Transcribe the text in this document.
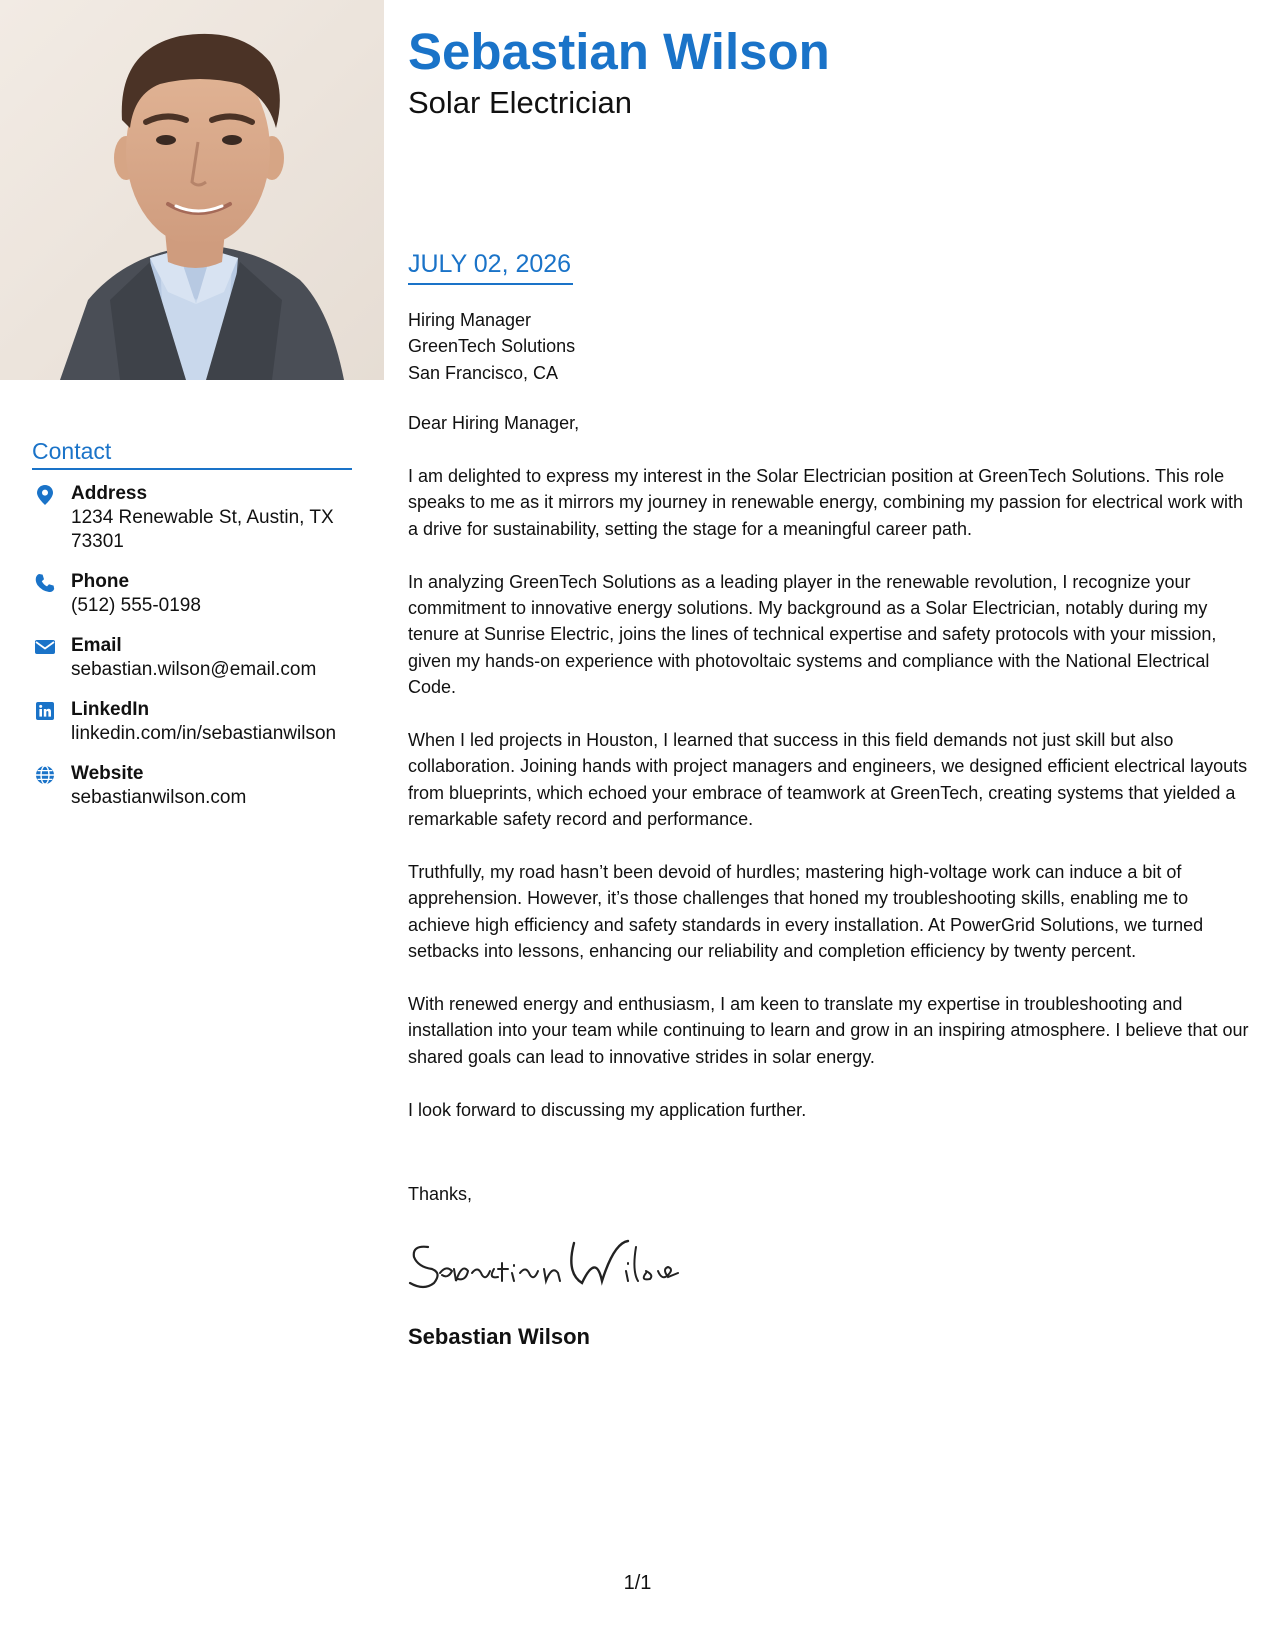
Contact
Address
1234 Renewable St, Austin, TX 73301
Phone
(512) 555-0198
Email
sebastian.wilson@email.com
LinkedIn
linkedin.com/in/sebastianwilson
Website
sebastianwilson.com
Sebastian Wilson
Solar Electrician
JULY 02, 2026
Hiring Manager
GreenTech Solutions
San Francisco, CA

Dear Hiring Manager,

I am delighted to express my interest in the Solar Electrician position at GreenTech Solutions. This role speaks to me as it mirrors my journey in renewable energy, combining my passion for electrical work with a drive for sustainability, setting the stage for a meaningful career path.

In analyzing GreenTech Solutions as a leading player in the renewable revolution, I recognize your commitment to innovative energy solutions. My background as a Solar Electrician, notably during my tenure at Sunrise Electric, joins the lines of technical expertise and safety protocols with your mission, given my hands-on experience with photovoltaic systems and compliance with the National Electrical Code.

When I led projects in Houston, I learned that success in this field demands not just skill but also collaboration. Joining hands with project managers and engineers, we designed efficient electrical layouts from blueprints, which echoed your embrace of teamwork at GreenTech, creating systems that yielded a remarkable safety record and performance.

Truthfully, my road hasn’t been devoid of hurdles; mastering high-voltage work can induce a bit of apprehension. However, it’s those challenges that honed my troubleshooting skills, enabling me to achieve high efficiency and safety standards in every installation. At PowerGrid Solutions, we turned setbacks into lessons, enhancing our reliability and completion efficiency by twenty percent.

With renewed energy and enthusiasm, I am keen to translate my expertise in troubleshooting and installation into your team while continuing to learn and grow in an inspiring atmosphere. I believe that our shared goals can lead to innovative strides in solar energy.

I look forward to discussing my application further.

Thanks,
Sebastian Wilson
1/1
